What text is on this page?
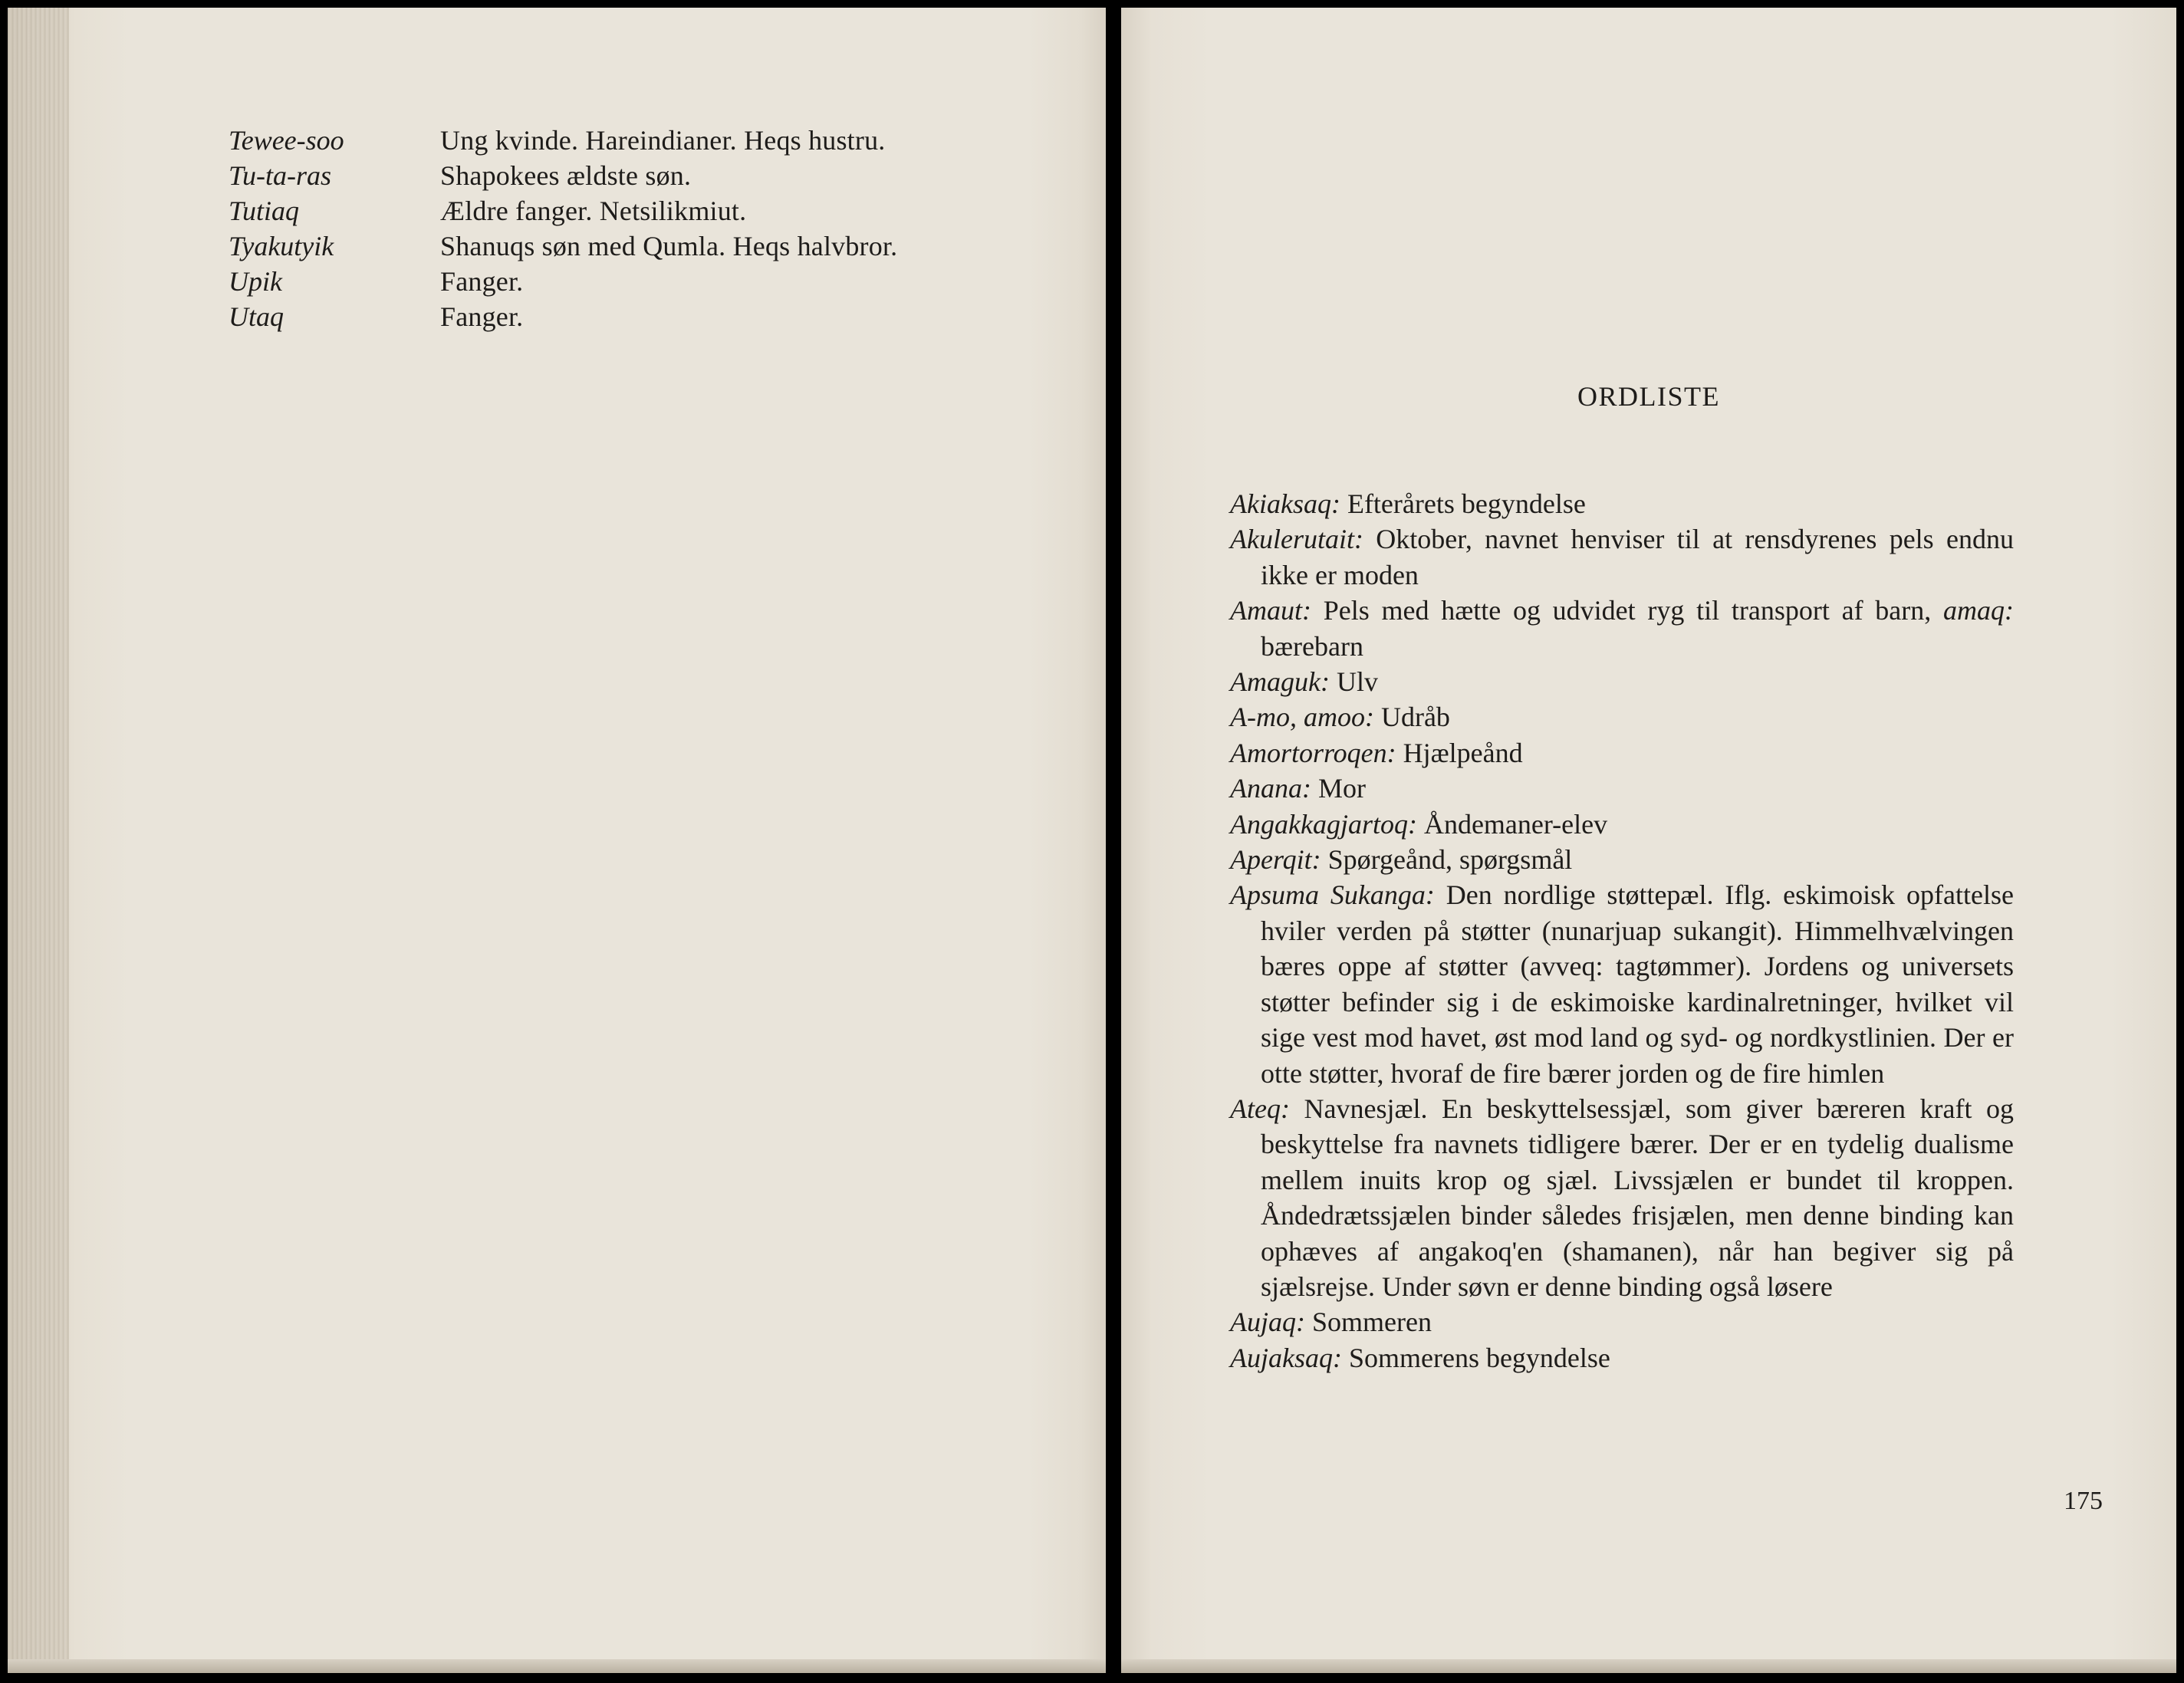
Tewee-soo	Ung kvinde. Hareindianer. Heqs hustru.
Tu-ta-ras	Shapokees ældste søn.
Tutiaq	Ældre fanger. Netsilikmiut.
Tyakutyik	Shanuqs søn med Qumla. Heqs halvbror.
Upik	Fanger.
Utaq	Fanger.
ORDLISTE
Akiaksaq: Efterårets begyndelse
Akulerutait: Oktober, navnet henviser til at rensdyrenes pels endnu ikke er moden
Amaut: Pels med hætte og udvidet ryg til transport af barn, amaq: bærebarn
Amaguk: Ulv
A-mo, amoo: Udråb
Amortorroqen: Hjælpeånd
Anana: Mor
Angakkagjartoq: Åndemaner-elev
Aperqit: Spørgeånd, spørgsmål
Apsuma Sukanga: Den nordlige støttepæl. Iflg. eskimoisk opfattelse hviler verden på støtter (nunarjuap sukangit). Himmelhvælvingen bæres oppe af støtter (avveq: tagtømmer). Jordens og universets støtter befinder sig i de eskimoiske kardinalretninger, hvilket vil sige vest mod havet, øst mod land og syd- og nordkystlinien. Der er otte støtter, hvoraf de fire bærer jorden og de fire himlen
Ateq: Navnesjæl. En beskyttelsessjæl, som giver bæreren kraft og beskyttelse fra navnets tidligere bærer. Der er en tydelig dualisme mellem inuits krop og sjæl. Livssjælen er bundet til kroppen. Åndedrætssjælen binder således frisjælen, men denne binding kan ophæves af angakoq'en (shamanen), når han begiver sig på sjælsrejse. Under søvn er denne binding også løsere
Aujaq: Sommeren
Aujaksaq: Sommerens begyndelse
175
